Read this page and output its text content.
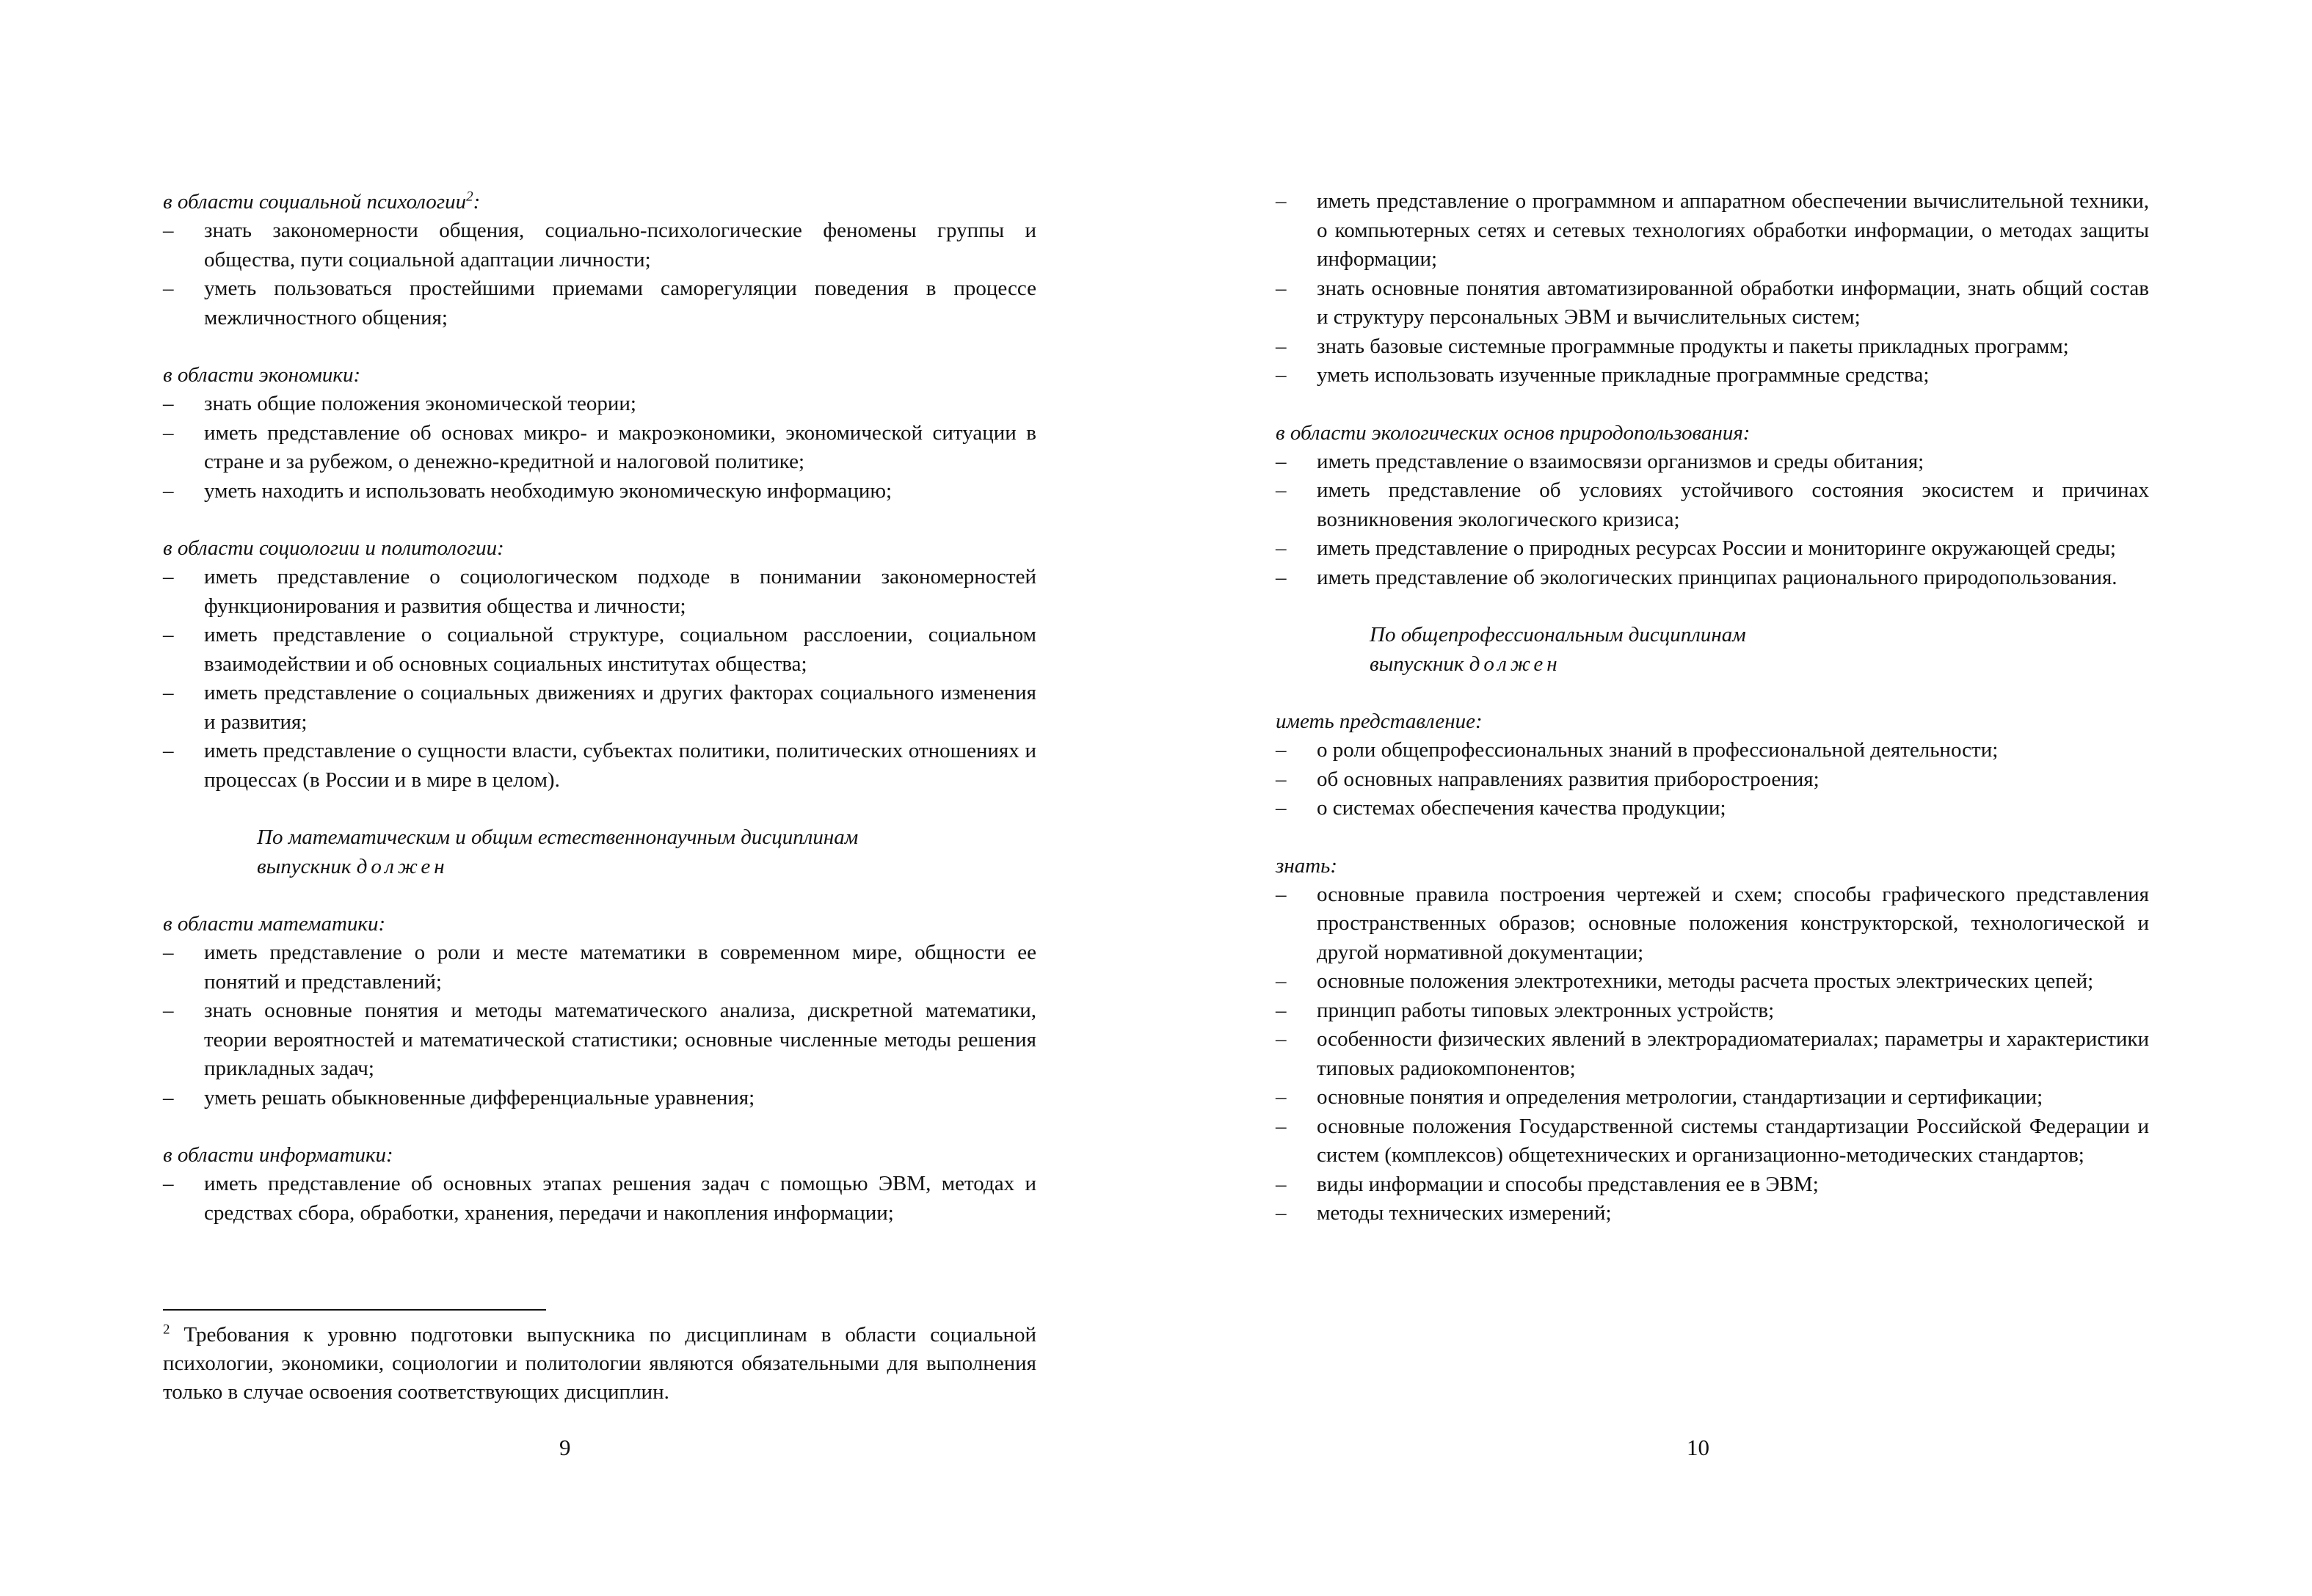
в области социальной психологии$^2$:

– знать закономерности общения, социально-психологические феномены группы и общества, пути социальной адаптации личности;
– уметь пользоваться простейшими приемами саморегуляции поведения в процессе межличностного общения;

в области экономики:

– знать общие положения экономической теории;
– иметь представление об основах микро- и макроэкономики, экономической ситуации в стране и за рубежом, о денежно-кредитной и налоговой политике;
– уметь находить и использовать необходимую экономическую информацию;

в области социологии и политологии:

– иметь представление о социологическом подходе в понимании закономерностей функционирования и развития общества и личности;
– иметь представление о социальной структуре, социальном расслоении, социальном взаимодействии и об основных социальных институтах общества;
– иметь представление о социальных движениях и других факторах социального изменения и развития;
– иметь представление о сущности власти, субъектах политики, политических отношениях и процессах (в России и в мире в целом).

По математическим и общим естественнонаучным дисциплинам

выпускник должен

в области математики:

– иметь представление о роли и месте математики в современном мире, общности ее понятий и представлений;
– знать основные понятия и методы математического анализа, дискретной математики, теории вероятностей и математической статистики; основные численные методы решения прикладных задач;
– уметь решать обыкновенные дифференциальные уравнения;

в области информатики:

– иметь представление об основных этапах решения задач с помощью ЭВМ, методах и средствах сбора, обработки, хранения, передачи и накопления информации;
$^2$ Требования к уровню подготовки выпускника по дисциплинам в области социальной психологии, экономики, социологии и политологии являются обязательными для выполнения только в случае освоения соответствующих дисциплин.
9
– иметь представление о программном и аппаратном обеспечении вычислительной техники, о компьютерных сетях и сетевых технологиях обработки информации, о методах защиты информации;
– знать основные понятия автоматизированной обработки информации, знать общий состав и структуру персональных ЭВМ и вычислительных систем;
– знать базовые системные программные продукты и пакеты прикладных программ;
– уметь использовать изученные прикладные программные средства;

в области экологических основ природопользования:

– иметь представление о взаимосвязи организмов и среды обитания;
– иметь представление об условиях устойчивого состояния экосистем и причинах возникновения экологического кризиса;
– иметь представление о природных ресурсах России и мониторинге окружающей среды;
– иметь представление об экологических принципах рационального природопользования.

По общепрофессиональным дисциплинам

выпускник должен

иметь представление:

– о роли общепрофессиональных знаний в профессиональной деятельности;
– об основных направлениях развития приборостроения;
– о системах обеспечения качества продукции;

знать:

– основные правила построения чертежей и схем; способы графического представления пространственных образов; основные положения конструкторской, технологической и другой нормативной документации;
– основные положения электротехники, методы расчета простых электрических цепей;
– принцип работы типовых электронных устройств;
– особенности физических явлений в электрорадиоматериалах; параметры и характеристики типовых радиокомпонентов;
– основные понятия и определения метрологии, стандартизации и сертификации;
– основные положения Государственной системы стандартизации Российской Федерации и систем (комплексов) общетехнических и организационно-методических стандартов;
– виды информации и способы представления ее в ЭВМ;
– методы технических измерений;
10
